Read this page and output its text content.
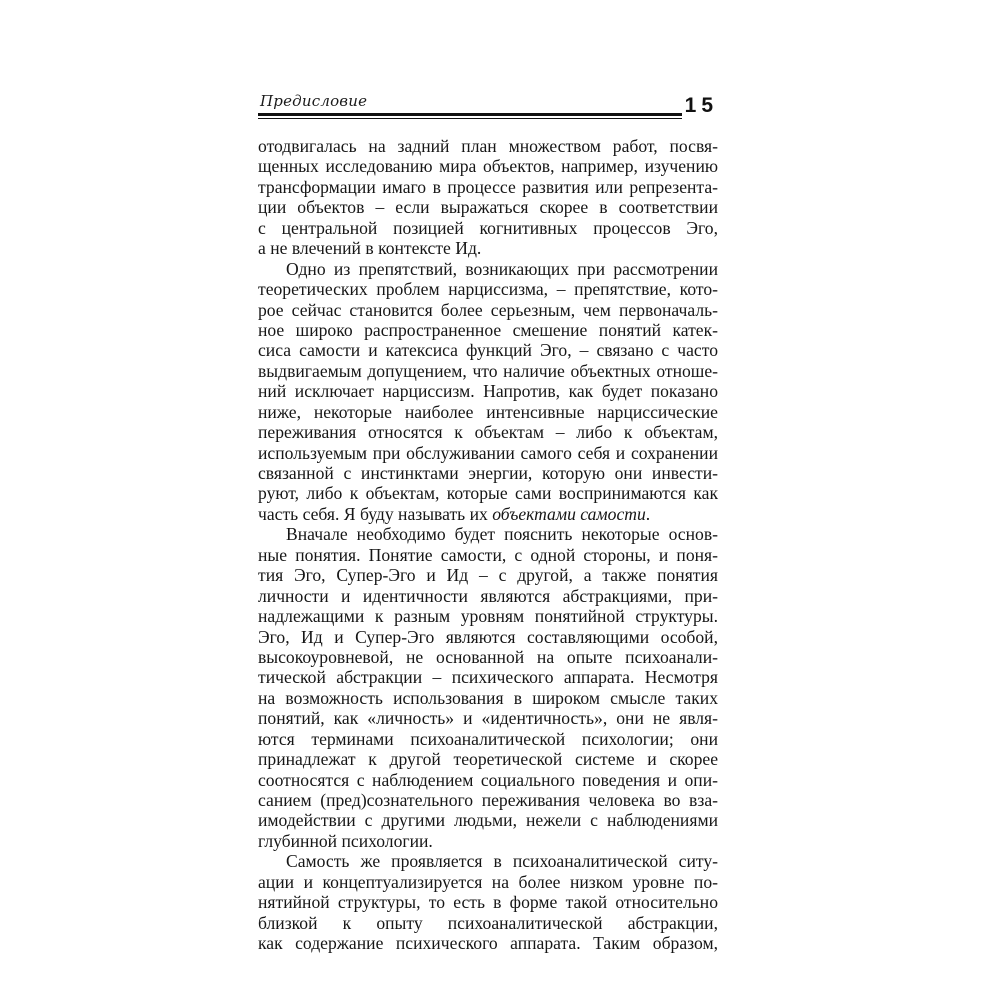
Предисловие	15
отодвигалась на задний план множеством работ, посвя-
щенных исследованию мира объектов, например, изучению
трансформации имаго в процессе развития или репрезента-
ции объектов – если выражаться скорее в соответствии
с центральной позицией когнитивных процессов Эго,
а не влечений в контексте Ид.
Одно из препятствий, возникающих при рассмотрении
теоретических проблем нарциссизма, – препятствие, кото-
рое сейчас становится более серьезным, чем первоначаль-
ное широко распространенное смешение понятий катек-
сиса самости и катексиса функций Эго, – связано с часто
выдвигаемым допущением, что наличие объектных отноше-
ний исключает нарциссизм. Напротив, как будет показано
ниже, некоторые наиболее интенсивные нарциссические
переживания относятся к объектам – либо к объектам,
используемым при обслуживании самого себя и сохранении
связанной с инстинктами энергии, которую они инвести-
руют, либо к объектам, которые сами воспринимаются как
часть себя. Я буду называть их объектами самости.
Вначале необходимо будет пояснить некоторые основ-
ные понятия. Понятие самости, с одной стороны, и поня-
тия Эго, Супер-Эго и Ид – с другой, а также понятия
личности и идентичности являются абстракциями, при-
надлежащими к разным уровням понятийной структуры.
Эго, Ид и Супер-Эго являются составляющими особой,
высокоуровневой, не основанной на опыте психоанали-
тической абстракции – психического аппарата. Несмотря
на возможность использования в широком смысле таких
понятий, как «личность» и «идентичность», они не явля-
ются терминами психоаналитической психологии; они
принадлежат к другой теоретической системе и скорее
соотносятся с наблюдением социального поведения и опи-
санием (пред)сознательного переживания человека во вза-
имодействии с другими людьми, нежели с наблюдениями
глубинной психологии.
Самость же проявляется в психоаналитической ситу-
ации и концептуализируется на более низком уровне по-
нятийной структуры, то есть в форме такой относительно
близкой к опыту психоаналитической абстракции,
как содержание психического аппарата. Таким образом,
